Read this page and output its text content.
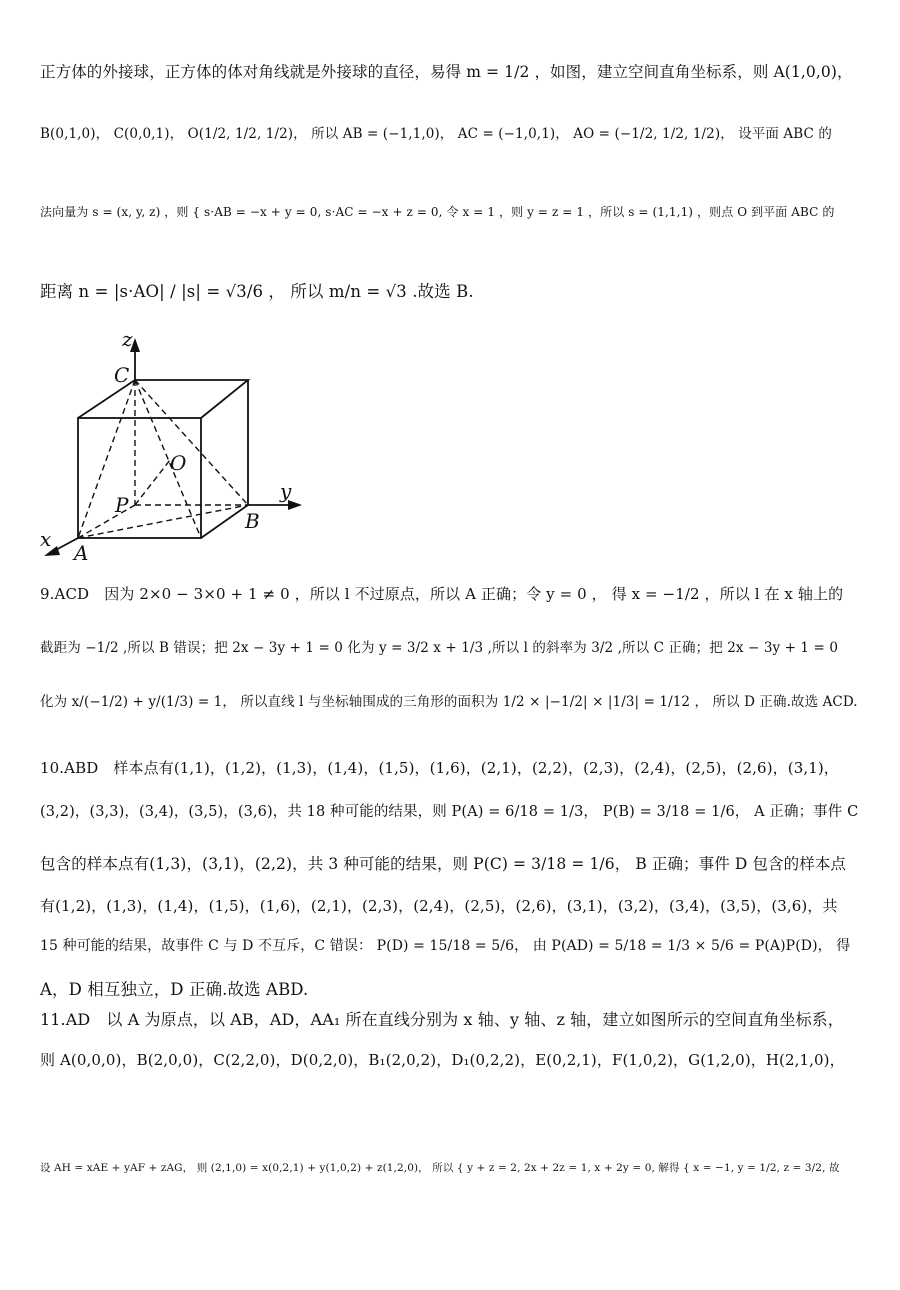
正方体的外接球，正方体的体对角线就是外接球的直径，易得 m = 1/2 ，如图，建立空间直角坐标系，则 A(1,0,0)，
B(0,1,0)， C(0,0,1)， O(1/2, 1/2, 1/2)， 所以 AB = (−1,1,0)， AC = (−1,0,1)， AO = (−1/2, 1/2, 1/2)， 设平面 ABC 的
法向量为 s = (x, y, z) ，则 { s·AB = −x + y = 0, s·AC = −x + z = 0, 令 x = 1 ，则 y = z = 1 ，所以 s = (1,1,1) ，则点 O 到平面 ABC 的
距离 n = |s·AO| / |s| = √3/6 ， 所以 m/n = √3 .故选 B.
z
C
O
P
y
B
x
A
9.ACD　因为 2×0 − 3×0 + 1 ≠ 0 ，所以 l 不过原点，所以 A 正确；令 y = 0 ， 得 x = −1/2 ，所以 l 在 x 轴上的
截距为 −1/2 ,所以 B 错误；把 2x − 3y + 1 = 0 化为 y = 3/2 x + 1/3 ,所以 l 的斜率为 3/2 ,所以 C 正确；把 2x − 3y + 1 = 0
化为 x/(−1/2) + y/(1/3) = 1， 所以直线 l 与坐标轴围成的三角形的面积为 1/2 × |−1/2| × |1/3| = 1/12 ， 所以 D 正确.故选 ACD.
10.ABD　样本点有(1,1)，(1,2)，(1,3)，(1,4)，(1,5)，(1,6)，(2,1)，(2,2)，(2,3)，(2,4)，(2,5)，(2,6)，(3,1)，
(3,2)，(3,3)，(3,4)，(3,5)，(3,6)，共 18 种可能的结果，则 P(A) = 6/18 = 1/3， P(B) = 3/18 = 1/6， A 正确；事件 C
包含的样本点有(1,3)，(3,1)，(2,2)，共 3 种可能的结果，则 P(C) = 3/18 = 1/6， B 正确；事件 D 包含的样本点
有(1,2)，(1,3)，(1,4)，(1,5)，(1,6)，(2,1)，(2,3)，(2,4)，(2,5)，(2,6)，(3,1)，(3,2)，(3,4)，(3,5)，(3,6)，共
15 种可能的结果，故事件 C 与 D 不互斥，C 错误： P(D) = 15/18 = 5/6， 由 P(AD) = 5/18 = 1/3 × 5/6 = P(A)P(D)， 得
A，D 相互独立，D 正确.故选 ABD.
11.AD　以 A 为原点，以 AB，AD，AA₁ 所在直线分别为 x 轴、y 轴、z 轴，建立如图所示的空间直角坐标系，
则 A(0,0,0)，B(2,0,0)，C(2,2,0)，D(0,2,0)，B₁(2,0,2)，D₁(0,2,2)，E(0,2,1)，F(1,0,2)，G(1,2,0)，H(2,1,0)，
设 AH = xAE + yAF + zAG， 则 (2,1,0) = x(0,2,1) + y(1,0,2) + z(1,2,0)， 所以 { y + z = 2, 2x + 2z = 1, x + 2y = 0, 解得 { x = −1, y = 1/2, z = 3/2, 故
